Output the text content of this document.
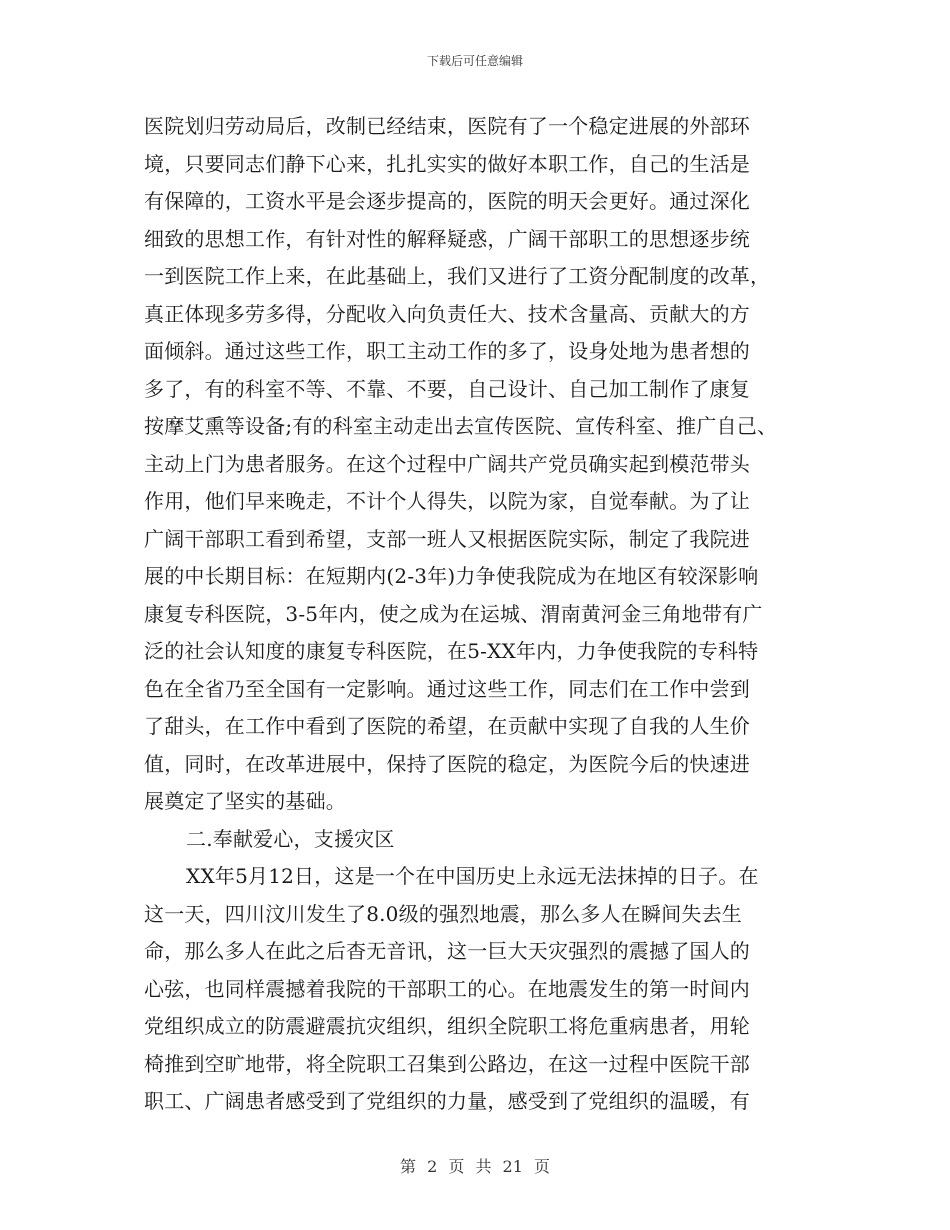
下载后可任意编辑
医院划归劳动局后，改制已经结束，医院有了一个稳定进展的外部环
境，只要同志们静下心来，扎扎实实的做好本职工作，自己的生活是
有保障的，工资水平是会逐步提高的，医院的明天会更好。通过深化
细致的思想工作，有针对性的解释疑惑，广阔干部职工的思想逐步统
一到医院工作上来，在此基础上，我们又进行了工资分配制度的改革，
真正体现多劳多得，分配收入向负责任大、技术含量高、贡献大的方
面倾斜。通过这些工作，职工主动工作的多了，设身处地为患者想的
多了，有的科室不等、不靠、不要，自己设计、自己加工制作了康复
按摩艾熏等设备;有的科室主动走出去宣传医院、宣传科室、推广自己、
主动上门为患者服务。在这个过程中广阔共产党员确实起到模范带头
作用，他们早来晚走，不计个人得失，以院为家，自觉奉献。为了让
广阔干部职工看到希望，支部一班人又根据医院实际，制定了我院进
展的中长期目标：在短期内(2-3年)力争使我院成为在地区有较深影响
康复专科医院，3-5年内，使之成为在运城、渭南黄河金三角地带有广
泛的社会认知度的康复专科医院，在5-XX年内，力争使我院的专科特
色在全省乃至全国有一定影响。通过这些工作，同志们在工作中尝到
了甜头，在工作中看到了医院的希望，在贡献中实现了自我的人生价
值，同时，在改革进展中，保持了医院的稳定，为医院今后的快速进
展奠定了坚实的基础。
二.奉献爱心，支援灾区
XX年5月12日，这是一个在中国历史上永远无法抹掉的日子。在
这一天，四川汶川发生了8.0级的强烈地震，那么多人在瞬间失去生
命，那么多人在此之后杳无音讯，这一巨大天灾强烈的震撼了国人的
心弦，也同样震撼着我院的干部职工的心。在地震发生的第一时间内
党组织成立的防震避震抗灾组织，组织全院职工将危重病患者，用轮
椅推到空旷地带，将全院职工召集到公路边，在这一过程中医院干部
职工、广阔患者感受到了党组织的力量，感受到了党组织的温暖，有
第 2 页 共 21 页
